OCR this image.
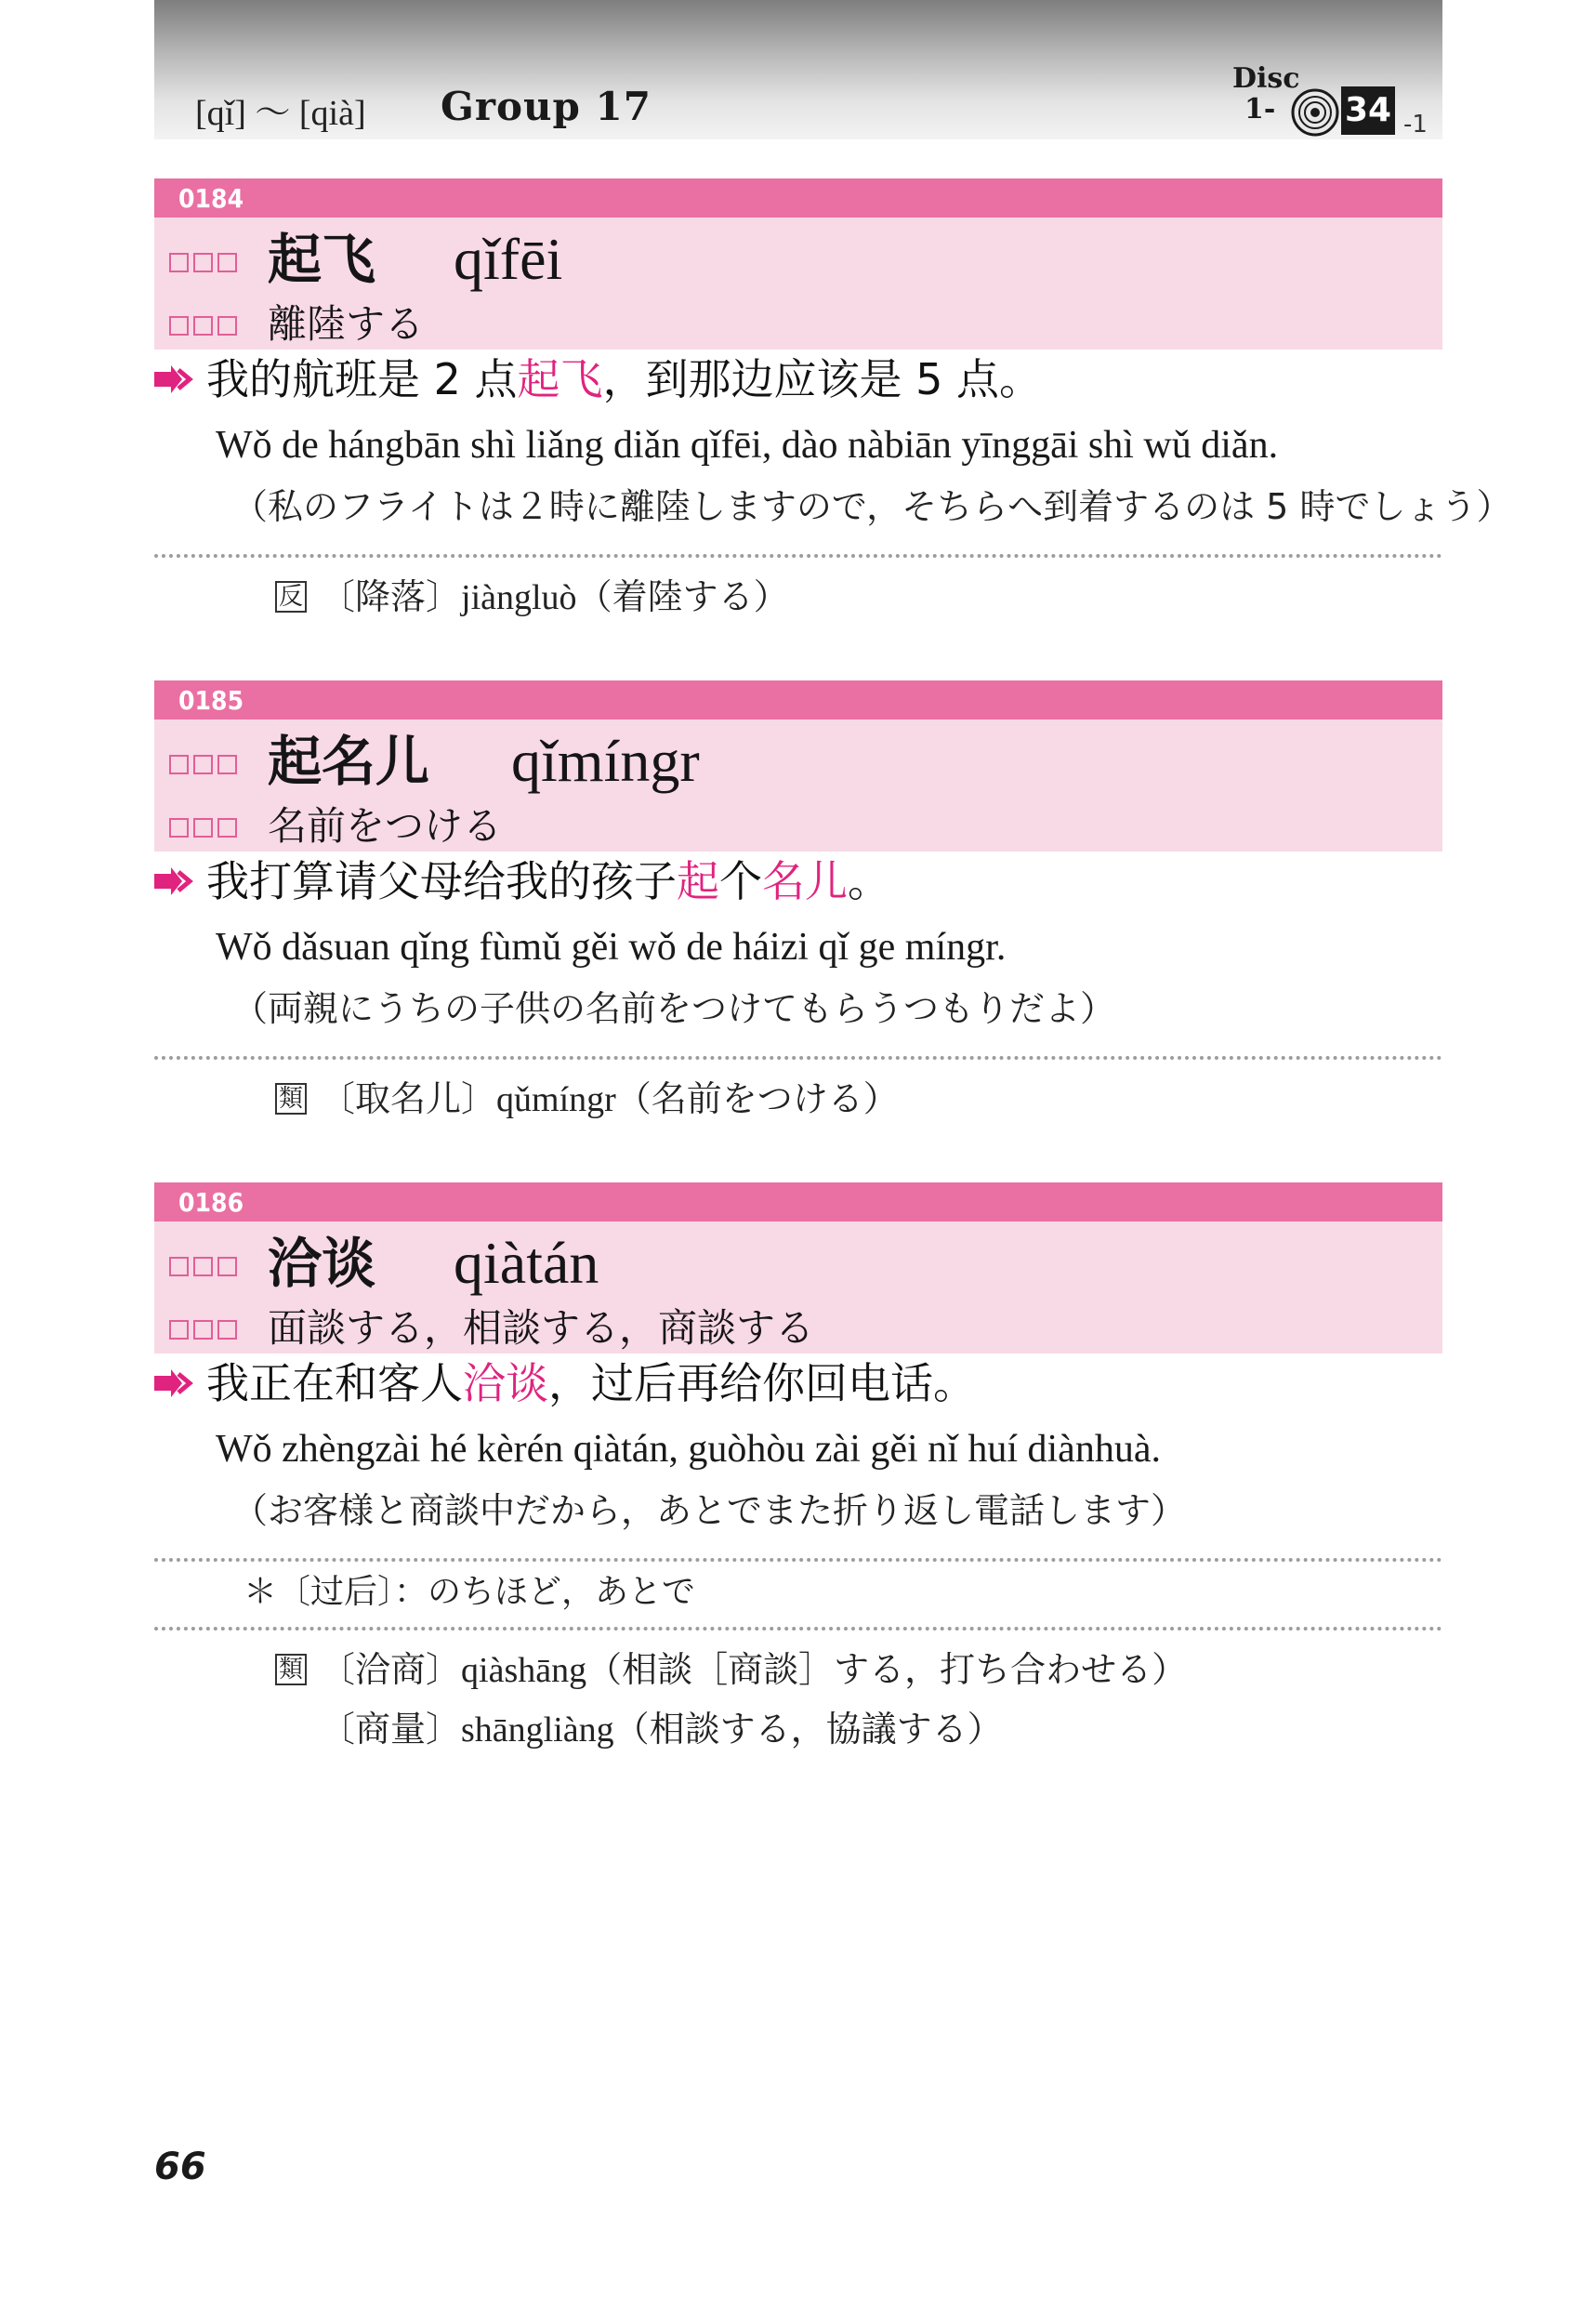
[qǐ] 〜 [qià] Group 17
Disc
1- 34 -1
0184
起飞 qǐfēi
離陸する
我的航班是 2 点起飞，到那边应该是 5 点。
Wǒ de hángbān shì liǎng diǎn qǐfēi, dào nàbiān yīnggāi shì wǔ diǎn.
（私のフライトは２時に離陸しますので，そちらへ到着するのは 5 時でしょう）
反 〔降落〕jiàngluò（着陸する）
0185
起名儿 qǐmíngr
名前をつける
我打算请父母给我的孩子起个名儿。
Wǒ dǎsuan qǐng fùmǔ gěi wǒ de háizi qǐ ge míngr.
（両親にうちの子供の名前をつけてもらうつもりだよ）
類 〔取名儿〕qǔmíngr（名前をつける）
0186
洽谈 qiàtán
面談する，相談する，商談する
我正在和客人洽谈，过后再给你回电话。
Wǒ zhèngzài hé kèrén qiàtán, guòhòu zài gěi nǐ huí diànhuà.
（お客様と商談中だから，あとでまた折り返し電話します）
＊〔过后〕：のちほど，あとで
類 〔洽商〕qiàshāng（相談［商談］する，打ち合わせる）
〔商量〕shāngliàng（相談する，協議する）
66
